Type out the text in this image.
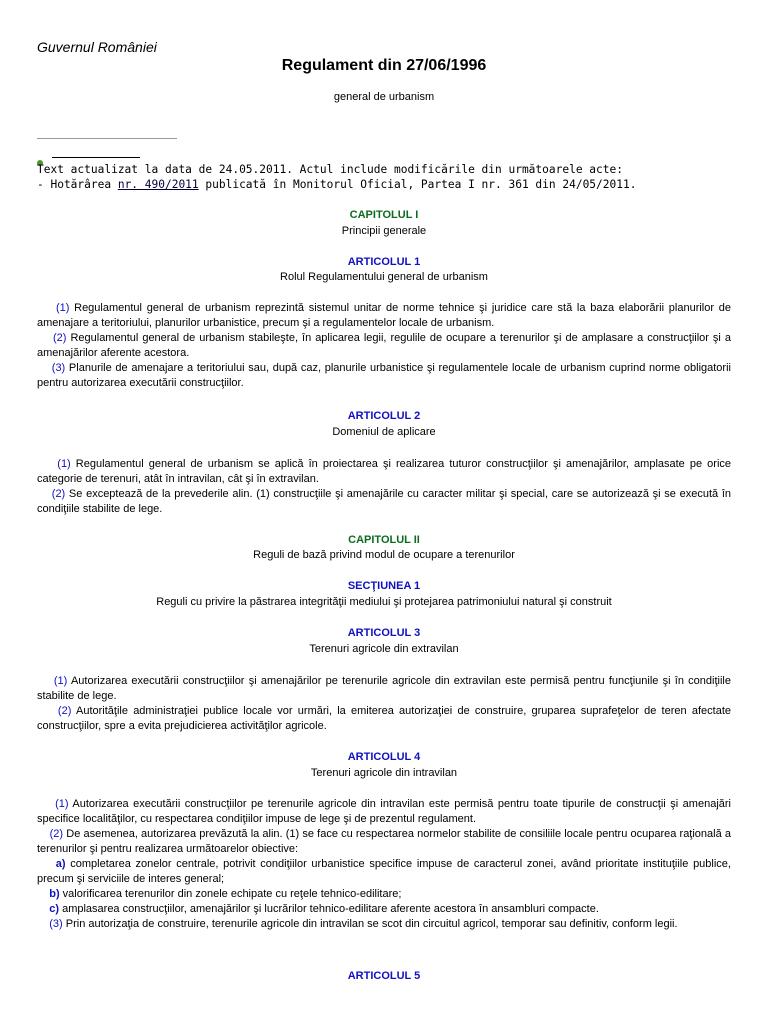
Guvernul României
Regulament din 27/06/1996
general de urbanism
Text actualizat la data de 24.05.2011. Actul include modificările din următoarele acte:
- Hotărârea nr. 490/2011 publicată în Monitorul Oficial, Partea I nr. 361 din 24/05/2011.
CAPITOLUL I
Principii generale
ARTICOLUL 1
Rolul Regulamentului general de urbanism
(1) Regulamentul general de urbanism reprezintă sistemul unitar de norme tehnice şi juridice care stă la baza elaborării planurilor de amenajare a teritoriului, planurilor urbanistice, precum şi a regulamentelor locale de urbanism.
(2) Regulamentul general de urbanism stabileşte, în aplicarea legii, regulile de ocupare a terenurilor şi de amplasare a construcţiilor şi a amenajărilor aferente acestora.
(3) Planurile de amenajare a teritoriului sau, după caz, planurile urbanistice şi regulamentele locale de urbanism cuprind norme obligatorii pentru autorizarea executării construcţiilor.
ARTICOLUL 2
Domeniul de aplicare
(1) Regulamentul general de urbanism se aplică în proiectarea şi realizarea tuturor construcţiilor şi amenajărilor, amplasate pe orice categorie de terenuri, atât în intravilan, cât şi în extravilan.
(2) Se exceptează de la prevederile alin. (1) construcţiile şi amenajările cu caracter militar şi special, care se autorizează şi se execută în condiţiile stabilite de lege.
CAPITOLUL II
Reguli de bază privind modul de ocupare a terenurilor
SECŢIUNEA 1
Reguli cu privire la păstrarea integrităţii mediului şi protejarea patrimoniului natural şi construit
ARTICOLUL 3
Terenuri agricole din extravilan
(1) Autorizarea executării construcţiilor şi amenajărilor pe terenurile agricole din extravilan este permisă pentru funcţiunile şi în condiţiile stabilite de lege.
(2) Autorităţile administraţiei publice locale vor urmări, la emiterea autorizaţiei de construire, gruparea suprafeţelor de teren afectate construcţiilor, spre a evita prejudicierea activităţilor agricole.
ARTICOLUL 4
Terenuri agricole din intravilan
(1) Autorizarea executării construcţiilor pe terenurile agricole din intravilan este permisă pentru toate tipurile de construcţii şi amenajări specifice localităţilor, cu respectarea condiţiilor impuse de lege şi de prezentul regulament.
(2) De asemenea, autorizarea prevăzută la alin. (1) se face cu respectarea normelor stabilite de consiliile locale pentru ocuparea raţională a terenurilor şi pentru realizarea următoarelor obiective:
a) completarea zonelor centrale, potrivit condiţiilor urbanistice specifice impuse de caracterul zonei, având prioritate instituţiile publice, precum şi serviciile de interes general;
b) valorificarea terenurilor din zonele echipate cu reţele tehnico-edilitare;
c) amplasarea construcţiilor, amenajărilor şi lucrărilor tehnico-edilitare aferente acestora în ansambluri compacte.
(3) Prin autorizaţia de construire, terenurile agricole din intravilan se scot din circuitul agricol, temporar sau definitiv, conform legii.
ARTICOLUL 5
